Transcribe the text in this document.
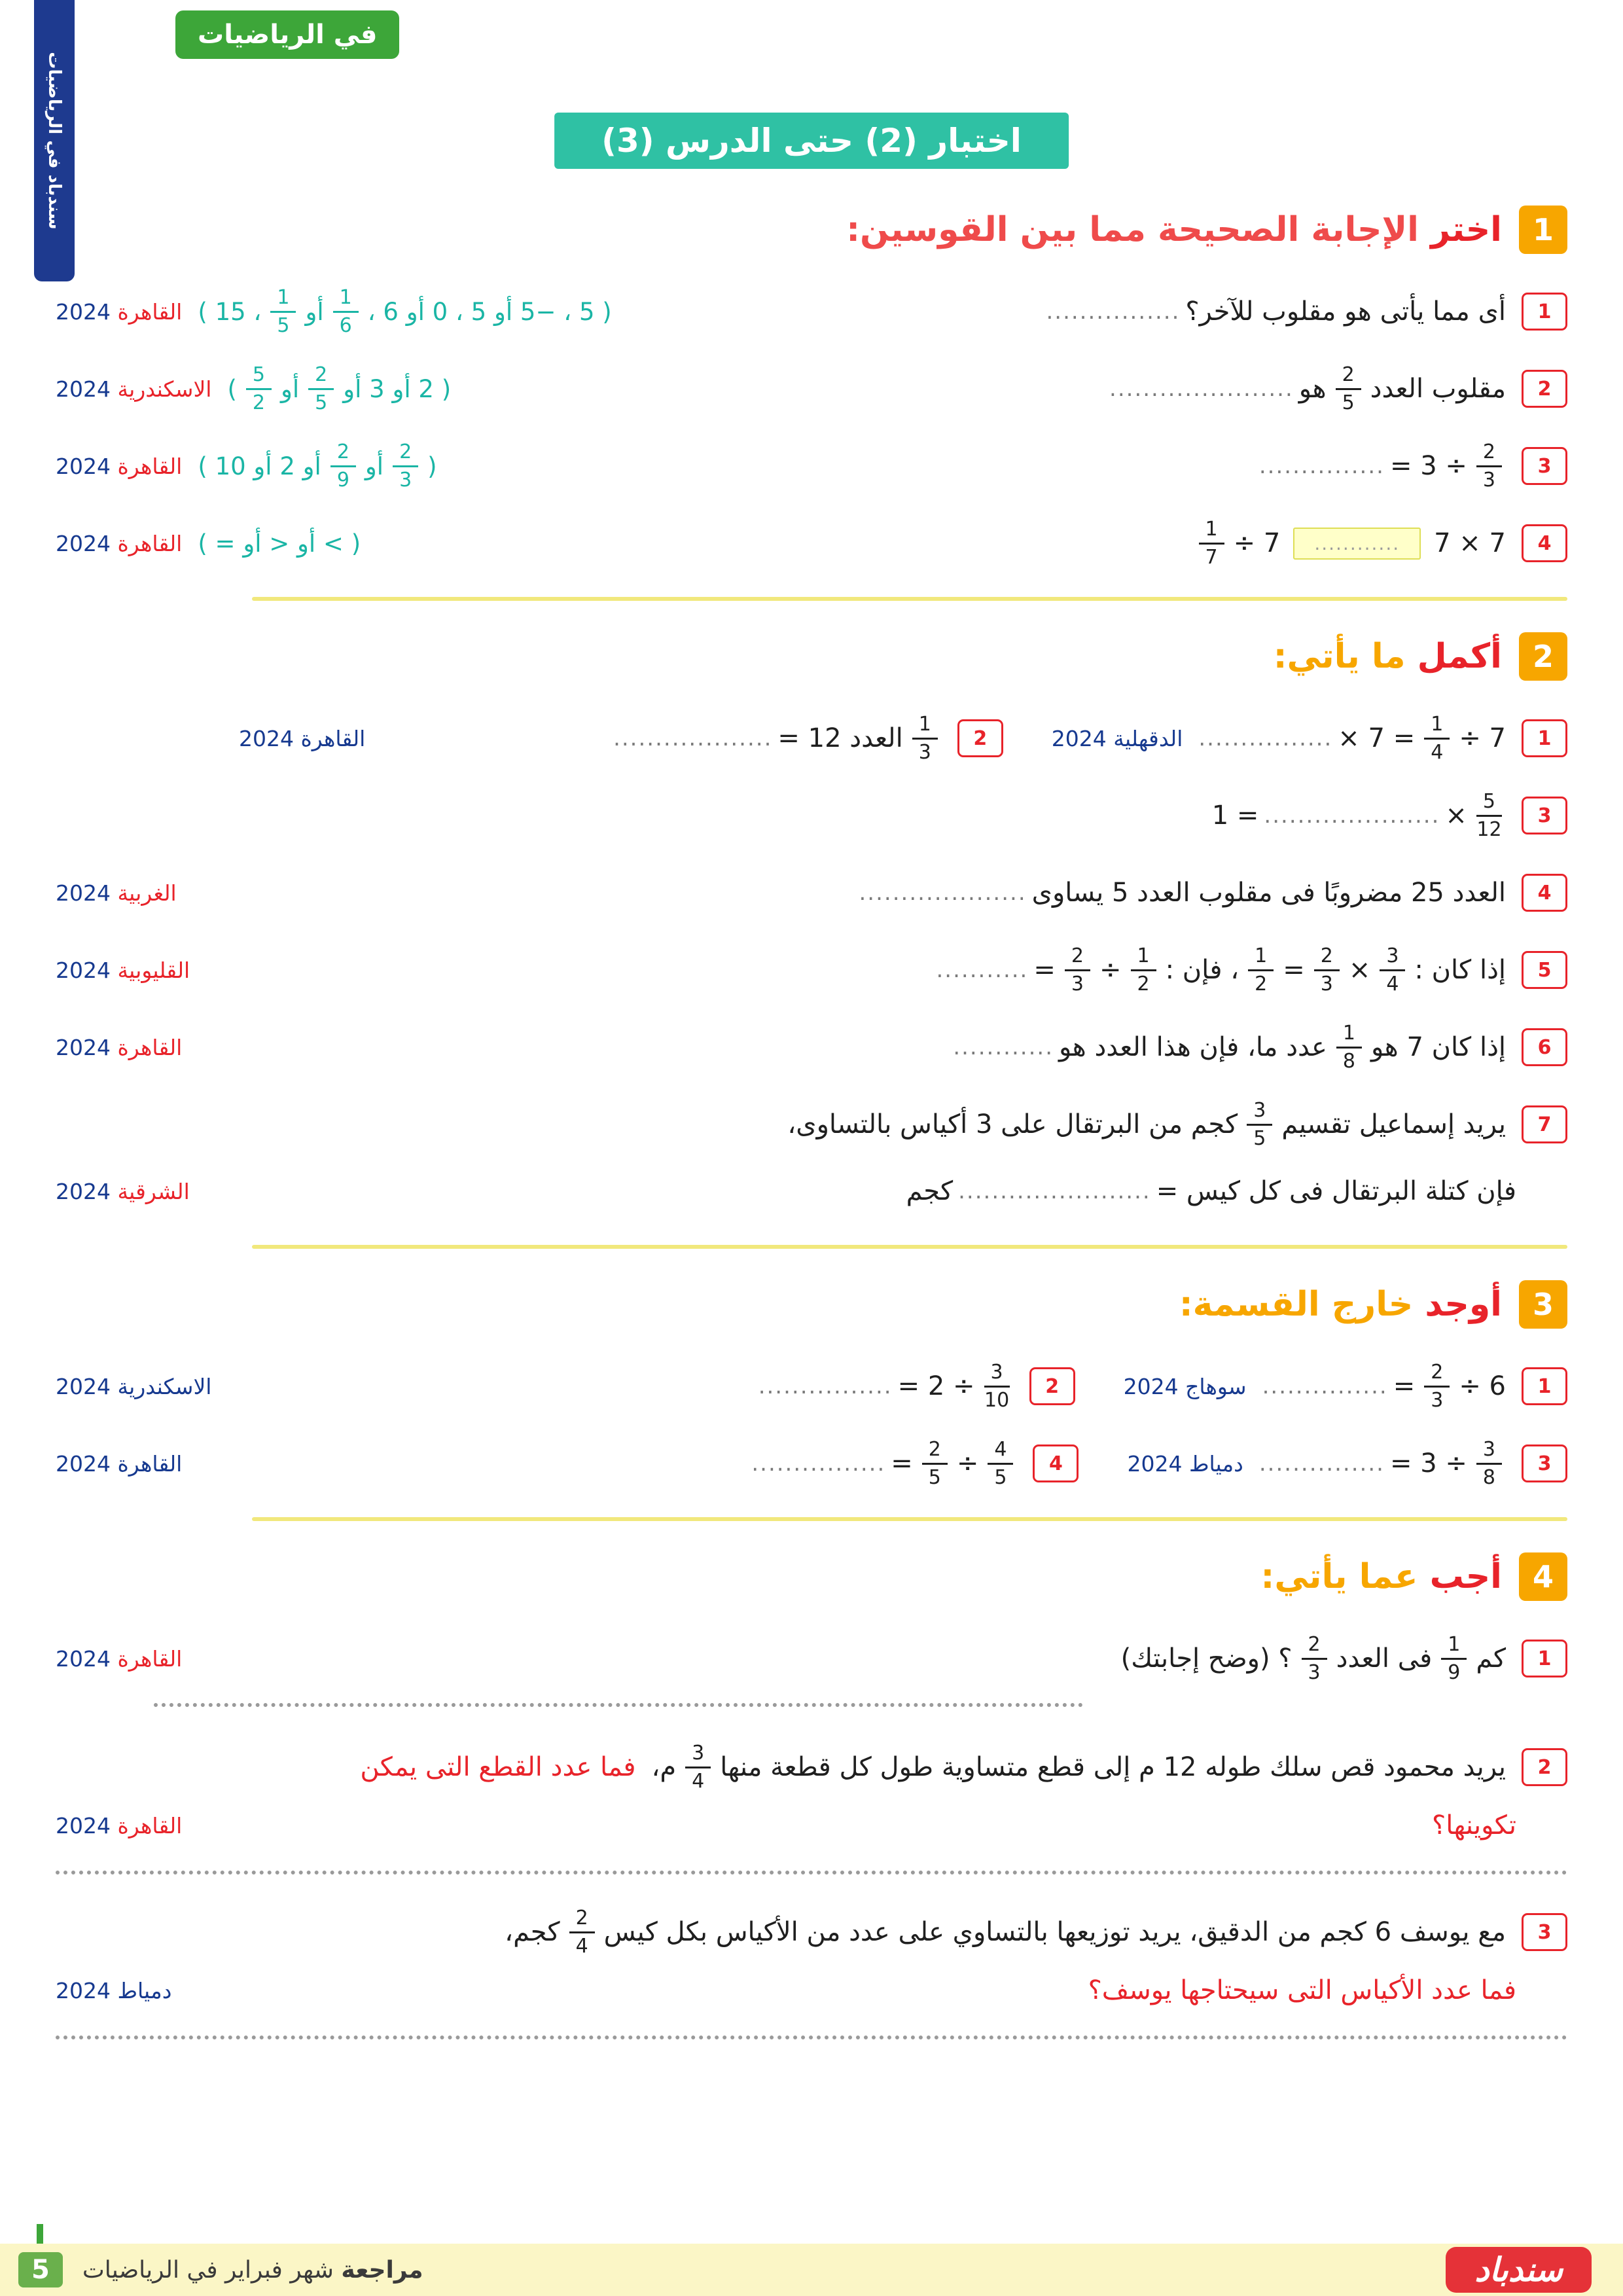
سندباد في الرياضيات
في الرياضيات
اختبار (2) حتى الدرس (3)
1
اختر الإجابة الصحيحة مما بين القوسين:
1
أى مما يأتى هو مقلوب للآخر؟
................
( 5 ، −5 أو 5 ، 0 أو 6 ،
$\frac{1}{6}$
أو
$\frac{1}{5}$
، 15 )
القاهرة 2024
2
مقلوب العدد
$\frac{2}{5}$
هو
......................
( 2 أو 3 أو
$\frac{2}{5}$
أو
$\frac{5}{2}$
)
الاسكندرية 2024
3
$\frac{2}{3}$
÷ 3 =
...............
(
$\frac{2}{3}$
أو
$\frac{2}{9}$
أو 2 أو 10 )
القاهرة 2024
4
7 × 7
............
7 ÷
$\frac{1}{7}$
( > أو < أو = )
القاهرة 2024
2
أكمل ما يأتي:
1
7 ÷
$\frac{1}{4}$
= 7 ×
................
الدقهلية 2024
2
$\frac{1}{3}$
العدد 12 =
...................
القاهرة 2024
3
$\frac{5}{12}$
×
.....................
= 1
4
العدد 25 مضروبًا فى مقلوب العدد 5 يساوى
....................
الغربية 2024
5
إذا كان :
$\frac{3}{4}$
×
$\frac{2}{3}$
=
$\frac{1}{2}$
، فإن :
$\frac{1}{2}$
÷
$\frac{2}{3}$
=
...........
القليوبية 2024
6
إذا كان 7 هو
$\frac{1}{8}$
عدد ما، فإن هذا العدد هو
............
القاهرة 2024
7
يريد إسماعيل تقسيم
$\frac{3}{5}$
كجم من البرتقال على 3 أكياس بالتساوى،
فإن كتلة البرتقال فى كل كيس =
.......................
كجم
الشرقية 2024
3
أوجد خارج القسمة:
1
6 ÷
$\frac{2}{3}$
=
...............
سوهاج 2024
2
$\frac{3}{10}$
÷ 2 =
................
الاسكندرية 2024
3
$\frac{3}{8}$
÷ 3 =
...............
دمياط 2024
4
$\frac{4}{5}$
÷
$\frac{2}{5}$
=
................
القاهرة 2024
4
أجب عما يأتي:
1
كم
$\frac{1}{9}$
فى العدد
$\frac{2}{3}$
؟ (وضح إجابتك)
القاهرة 2024
2
يريد محمود قص سلك طوله 12 م إلى قطع متساوية طول كل قطعة منها
$\frac{3}{4}$
م،
فما عدد القطع التى يمكن
تكوينها؟
القاهرة 2024
3
مع يوسف 6 كجم من الدقيق، يريد توزيعها بالتساوي على عدد من الأكياس بكل كيس
$\frac{2}{4}$
كجم،
فما عدد الأكياس التى سيحتاجها يوسف؟
دمياط 2024
سندباد
مراجعة شهر فبراير في الرياضيات
5
